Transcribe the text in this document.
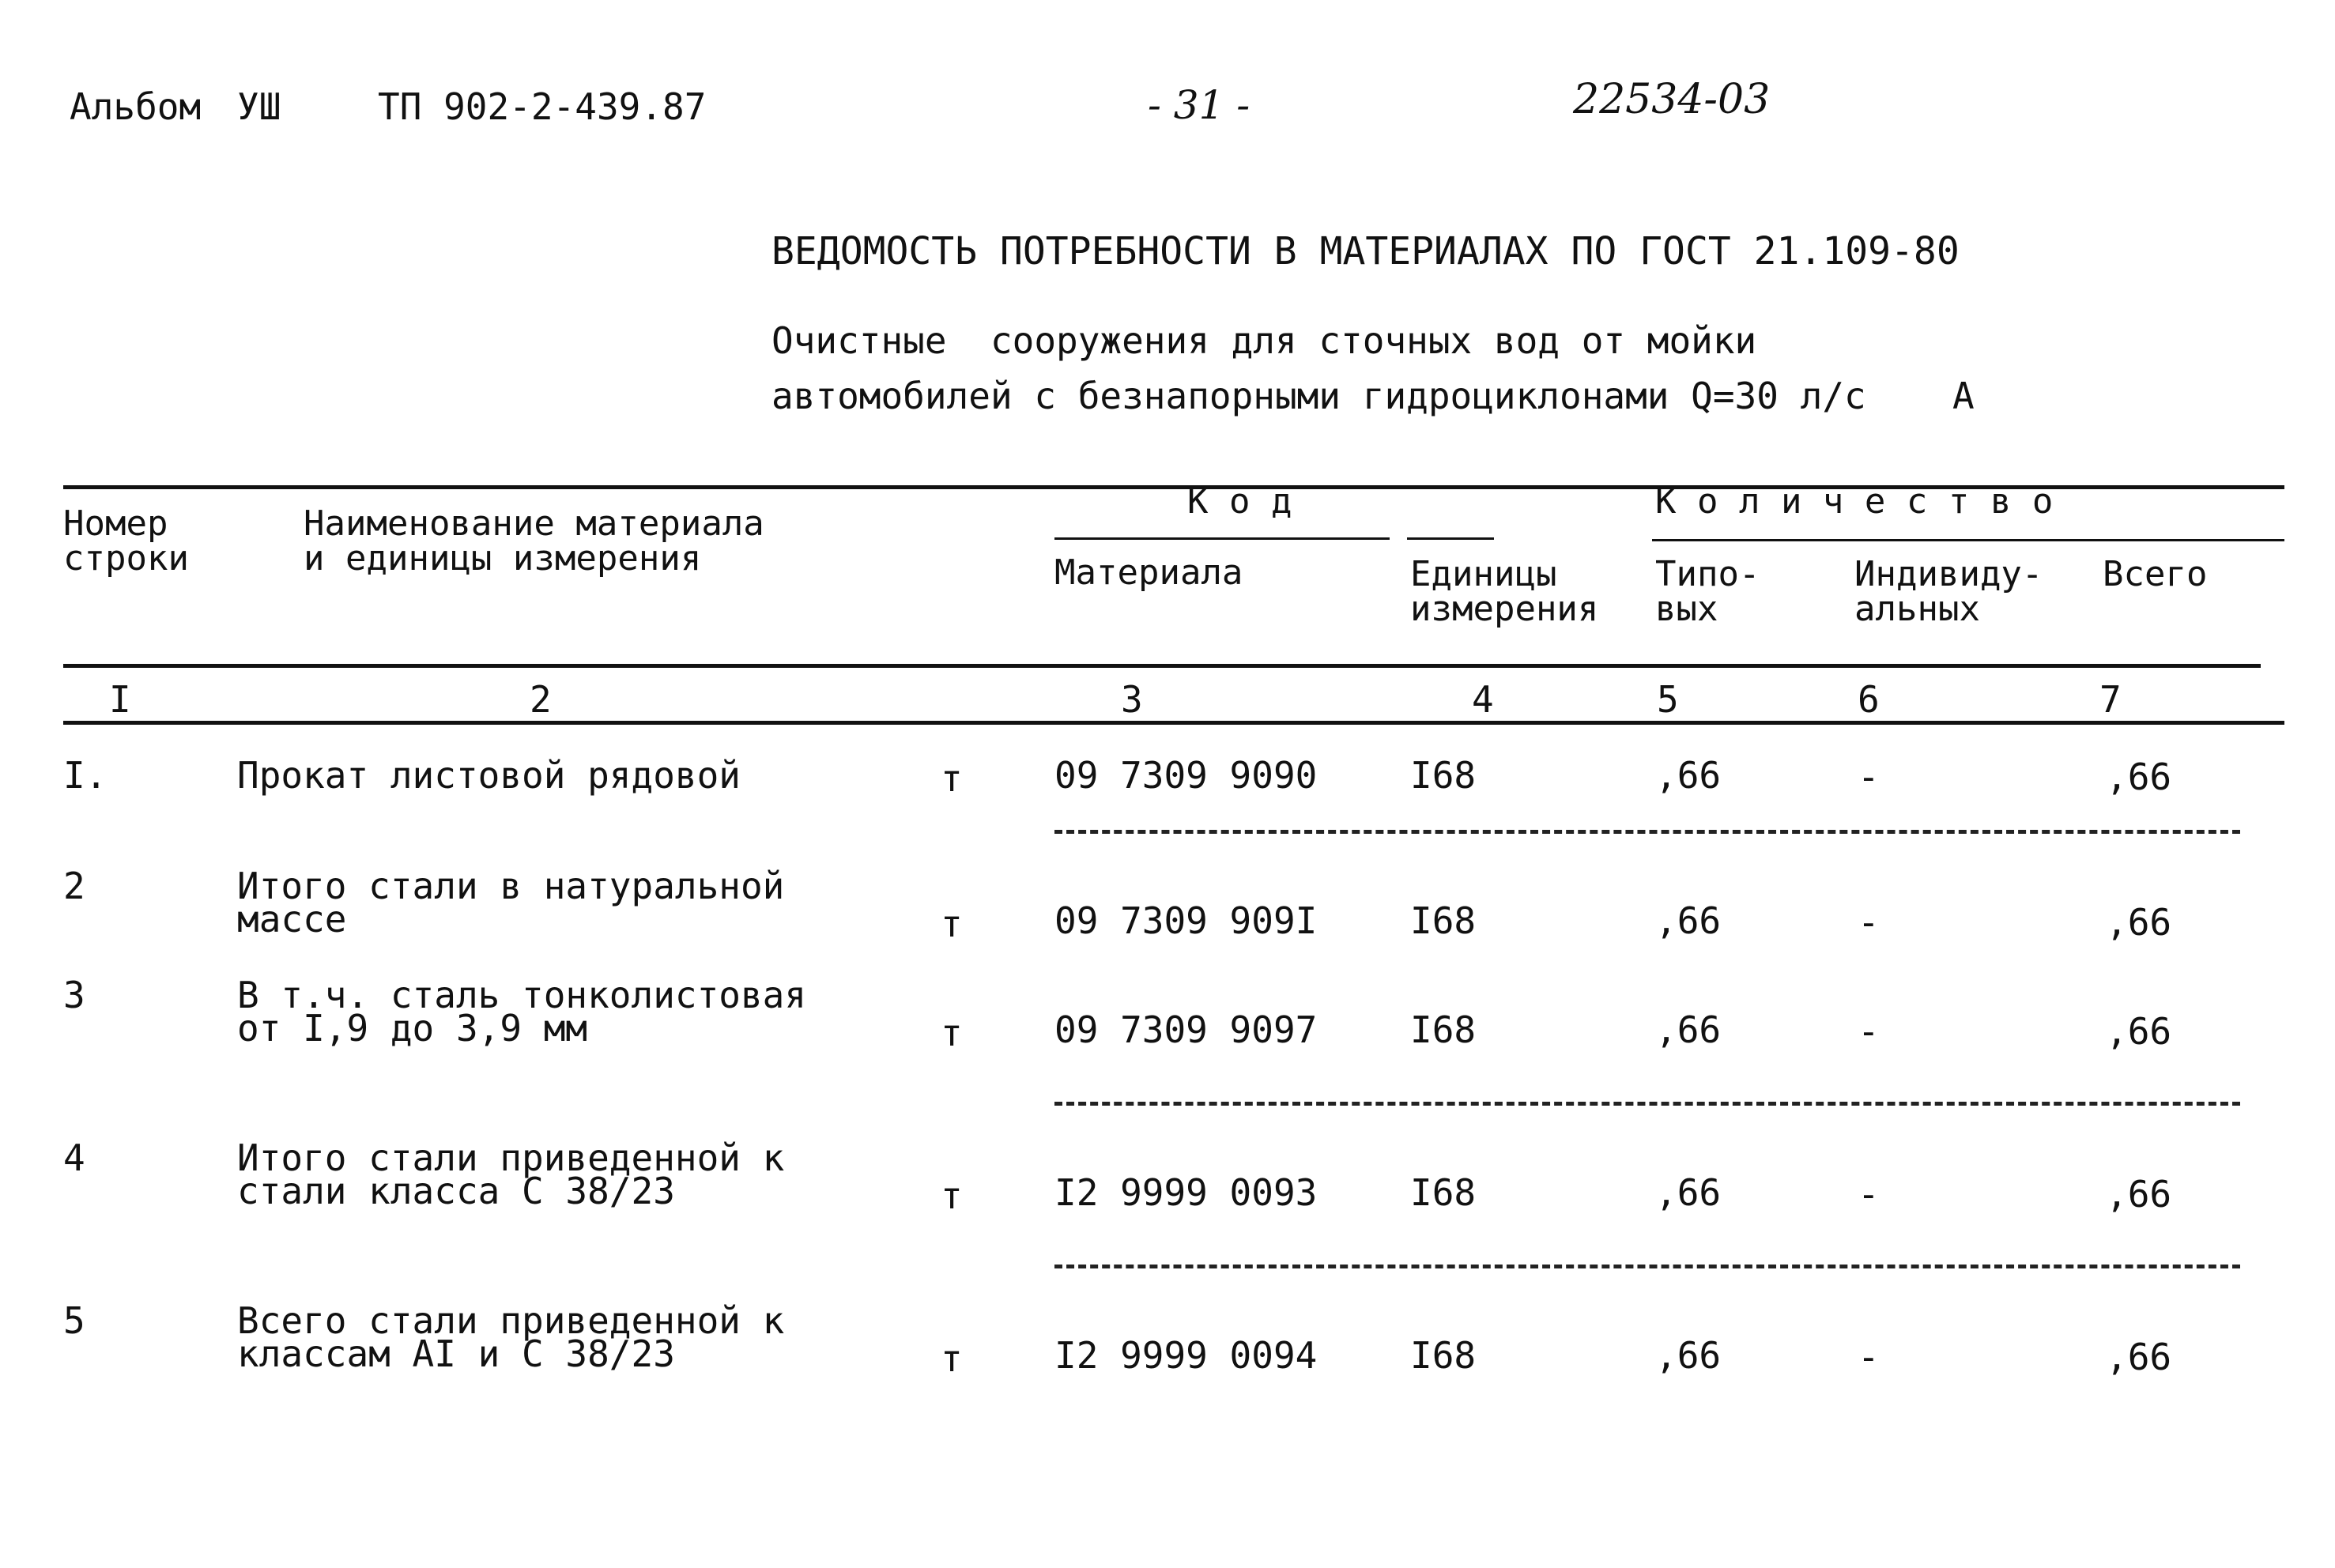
Альбом УШ	ТП 902-2-439.87	- 31 -	22534-03
ВЕДОМОСТЬ ПОТРЕБНОСТИ В МАТЕРИАЛАХ ПО ГОСТ 21.109-80
Очистные  сооружения для сточных вод от мойки
автомобилей с безнапорными гидроциклонами Q=30 л/с А
Номер
строки
Наименование материала
и единицы измерения
К о д	К о л и ч е с т в о
Материала	Единицы
измерения
Типо-
вых
Индивиду-
альных
Всего
I	2	3	4	5	6	7
I.	Прокат листовой рядовой	т	09 7309 9090	I68	,66	-	,66
2	Итого стали в натуральной
массе	т	09 7309 909I	I68	,66	-	,66
3	В т.ч. сталь тонколистовая
от I,9 до 3,9 мм	т	09 7309 9097	I68	,66	-	,66
4	Итого стали приведенной к
стали класса С 38/23	т	I2 9999 0093	I68	,66	-	,66
5	Всего стали приведенной к
классам АI и С 38/23	т	I2 9999 0094	I68	,66	-	,66
